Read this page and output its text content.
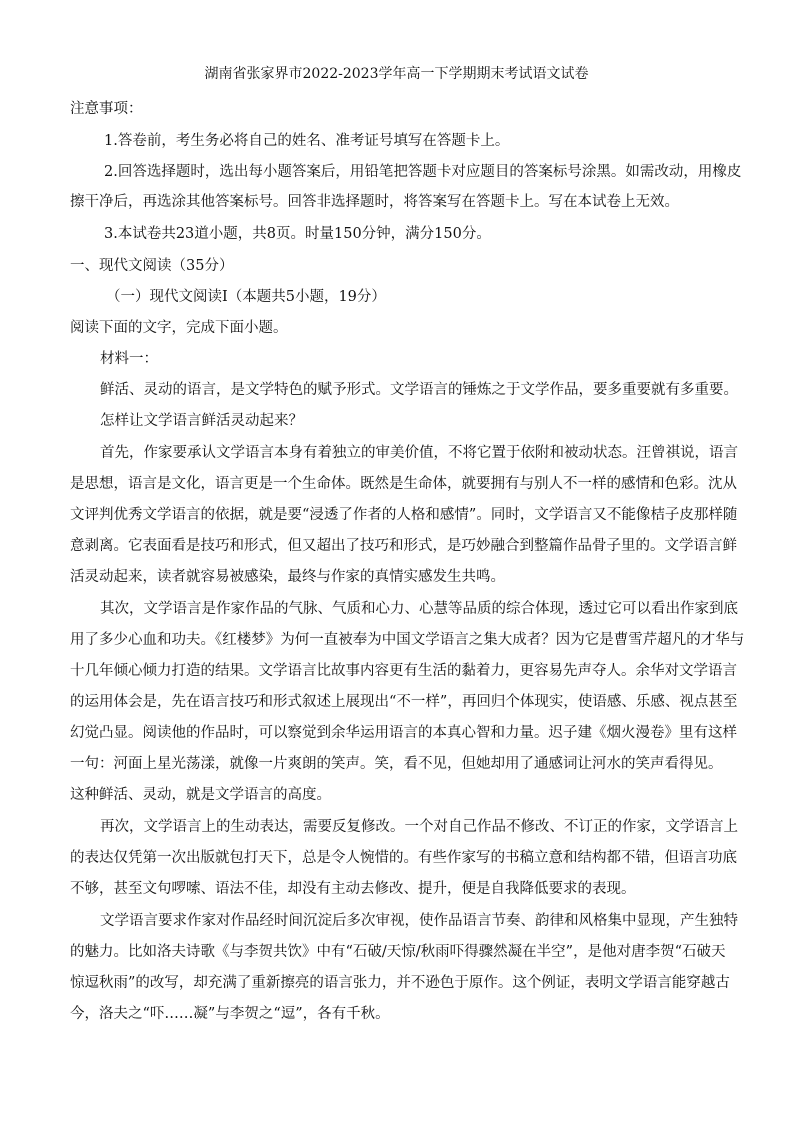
湖南省张家界市2022-2023学年高一下学期期末考试语文试卷
注意事项：
1.答卷前，考生务必将自己的姓名、准考证号填写在答题卡上。
2.回答选择题时，选出每小题答案后，用铅笔把答题卡对应题目的答案标号涂黑。如需改动，用橡皮
擦干净后，再选涂其他答案标号。回答非选择题时，将答案写在答题卡上。写在本试卷上无效。
3.本试卷共23道小题，共8页。时量150分钟，满分150分。
一、现代文阅读（35分）
（一）现代文阅读Ⅰ（本题共5小题，19分）
阅读下面的文字，完成下面小题。
材料一：
鲜活、灵动的语言，是文学特色的赋予形式。文学语言的锤炼之于文学作品，要多重要就有多重要。
怎样让文学语言鲜活灵动起来？
首先，作家要承认文学语言本身有着独立的审美价值，不将它置于依附和被动状态。汪曾祺说，语言
是思想，语言是文化，语言更是一个生命体。既然是生命体，就要拥有与别人不一样的感情和色彩。沈从
文评判优秀文学语言的依据，就是要“浸透了作者的人格和感情”。同时，文学语言又不能像桔子皮那样随
意剥离。它表面看是技巧和形式，但又超出了技巧和形式，是巧妙融合到整篇作品骨子里的。文学语言鲜
活灵动起来，读者就容易被感染，最终与作家的真情实感发生共鸣。
其次，文学语言是作家作品的气脉、气质和心力、心慧等品质的综合体现，透过它可以看出作家到底
用了多少心血和功夫。《红楼梦》为何一直被奉为中国文学语言之集大成者？因为它是曹雪芹超凡的才华与
十几年倾心倾力打造的结果。文学语言比故事内容更有生活的黏着力，更容易先声夺人。余华对文学语言
的运用体会是，先在语言技巧和形式叙述上展现出“不一样”，再回归个体现实，使语感、乐感、视点甚至
幻觉凸显。阅读他的作品时，可以察觉到余华运用语言的本真心智和力量。迟子建《烟火漫卷》里有这样
一句：河面上星光荡漾，就像一片爽朗的笑声。笑，看不见，但她却用了通感词让河水的笑声看得见。
这种鲜活、灵动，就是文学语言的高度。
再次，文学语言上的生动表达，需要反复修改。一个对自己作品不修改、不订正的作家，文学语言上
的表达仅凭第一次出版就包打天下，总是令人惋惜的。有些作家写的书稿立意和结构都不错，但语言功底
不够，甚至文句啰嗦、语法不佳，却没有主动去修改、提升，便是自我降低要求的表现。
文学语言要求作家对作品经时间沉淀后多次审视，使作品语言节奏、韵律和风格集中显现，产生独特
的魅力。比如洛夫诗歌《与李贺共饮》中有“石破/天惊/秋雨吓得骤然凝在半空”，是他对唐李贺“石破天
惊逗秋雨”的改写，却充满了重新擦亮的语言张力，并不逊色于原作。这个例证，表明文学语言能穿越古
今，洛夫之“吓……凝”与李贺之“逗”，各有千秋。
